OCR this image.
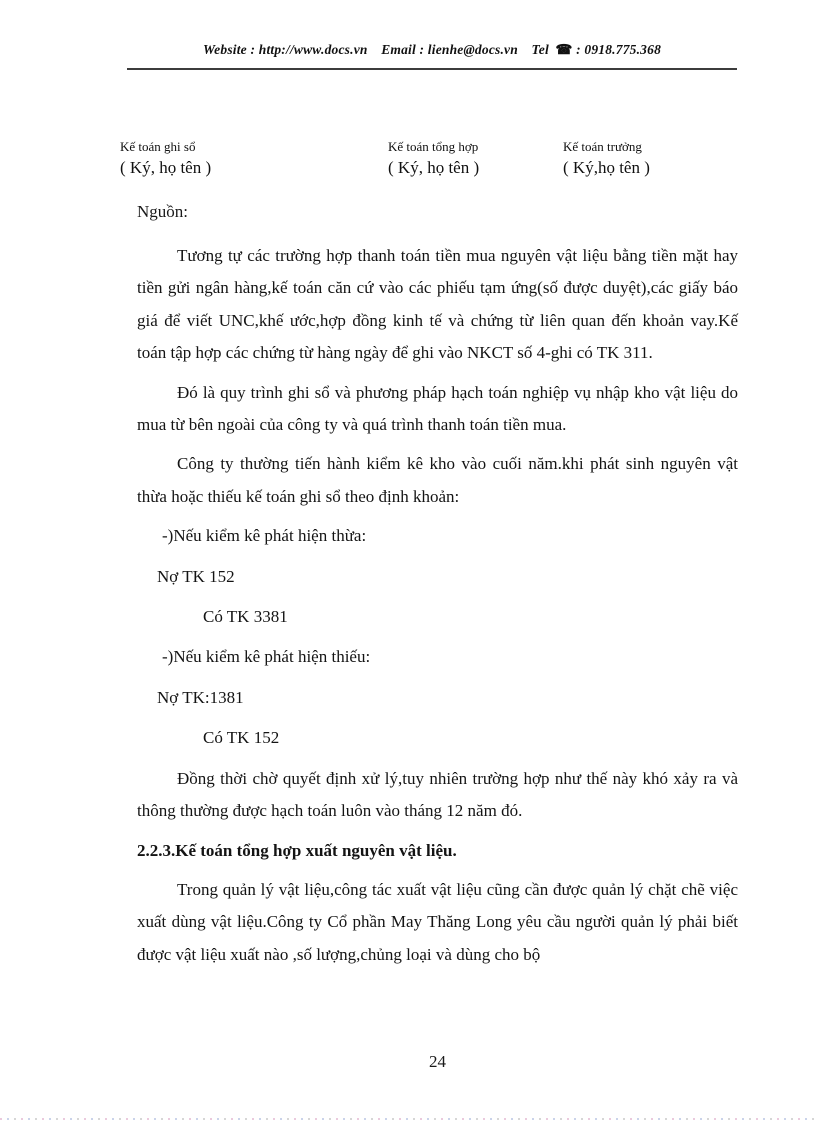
Website : http://www.docs.vn Email : lienhe@docs.vn Tel ☎ : 0918.775.368
Kế toán ghi sổ
( Ký, họ tên )
Kế toán tổng hợp
( Ký, họ tên )
Kế toán trưởng
( Ký,họ tên )
Nguồn:

Tương tự các trường hợp thanh toán tiền mua nguyên vật liệu bằng tiền mặt hay tiền gửi ngân hàng,kế toán căn cứ vào các phiếu tạm ứng(số được duyệt),các giấy báo giá để viết UNC,khế ước,hợp đồng kinh tế và chứng từ liên quan đến khoản vay.Kế toán tập hợp các chứng từ hàng ngày để ghi vào NKCT số 4-ghi có TK 311.

Đó là quy trình ghi sổ và phương pháp hạch toán nghiệp vụ nhập kho vật liệu do mua từ bên ngoài của công ty và quá trình thanh toán tiền mua.

Công ty thường tiến hành kiểm kê kho vào cuối năm.khi phát sinh nguyên vật thừa hoặc thiếu kế toán ghi sổ theo định khoản:

-)Nếu kiểm kê phát hiện thừa:
Nợ TK 152
Có TK 3381
-)Nếu kiểm kê phát hiện thiếu:
Nợ TK:1381
Có TK 152

Đồng thời chờ quyết định xử lý,tuy nhiên trường hợp như thế này khó xảy ra và thông thường được hạch toán luôn vào tháng 12 năm đó.

2.2.3.Kế toán tổng hợp xuất nguyên vật liệu.

Trong quản lý vật liệu,công tác xuất vật liệu cũng cần được quản lý chặt chẽ việc xuất dùng vật liệu.Công ty Cổ phần May Thăng Long yêu cầu người quản lý phải biết được vật liệu xuất nào ,số lượng,chủng loại và dùng cho bộ

24
